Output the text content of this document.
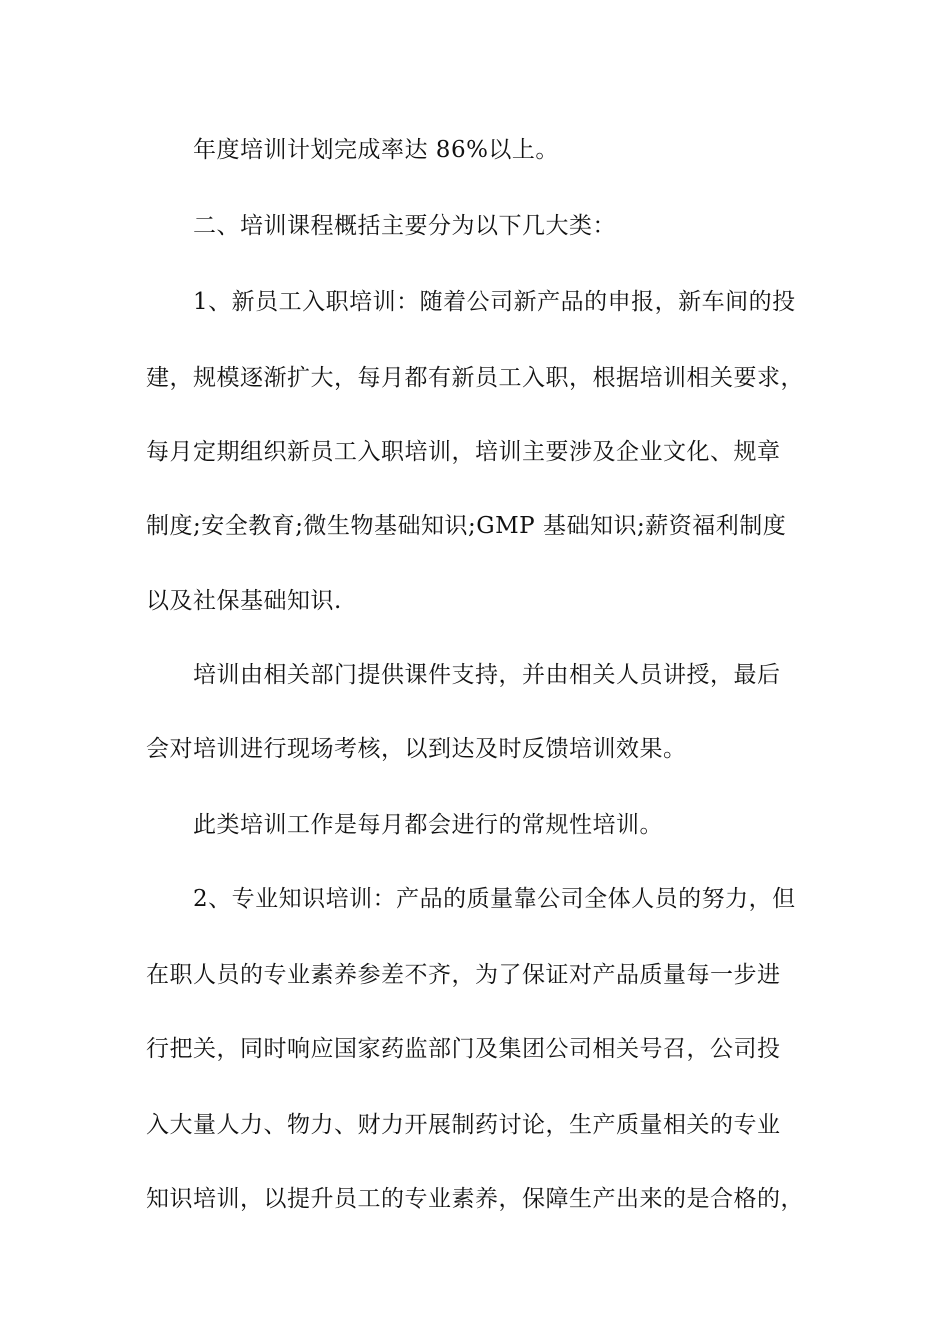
年度培训计划完成率达 86%以上。
二、培训课程概括主要分为以下几大类：
1、新员工入职培训：随着公司新产品的申报，新车间的投
建，规模逐渐扩大，每月都有新员工入职，根据培训相关要求，
每月定期组织新员工入职培训，培训主要涉及企业文化、规章
制度;安全教育;微生物基础知识;GMP 基础知识;薪资福利制度
以及社保基础知识.
培训由相关部门提供课件支持，并由相关人员讲授，最后
会对培训进行现场考核，以到达及时反馈培训效果。
此类培训工作是每月都会进行的常规性培训。
2、专业知识培训：产品的质量靠公司全体人员的努力，但
在职人员的专业素养参差不齐，为了保证对产品质量每一步进
行把关，同时响应国家药监部门及集团公司相关号召，公司投
入大量人力、物力、财力开展制药讨论，生产质量相关的专业
知识培训，以提升员工的专业素养，保障生产出来的是合格的，
